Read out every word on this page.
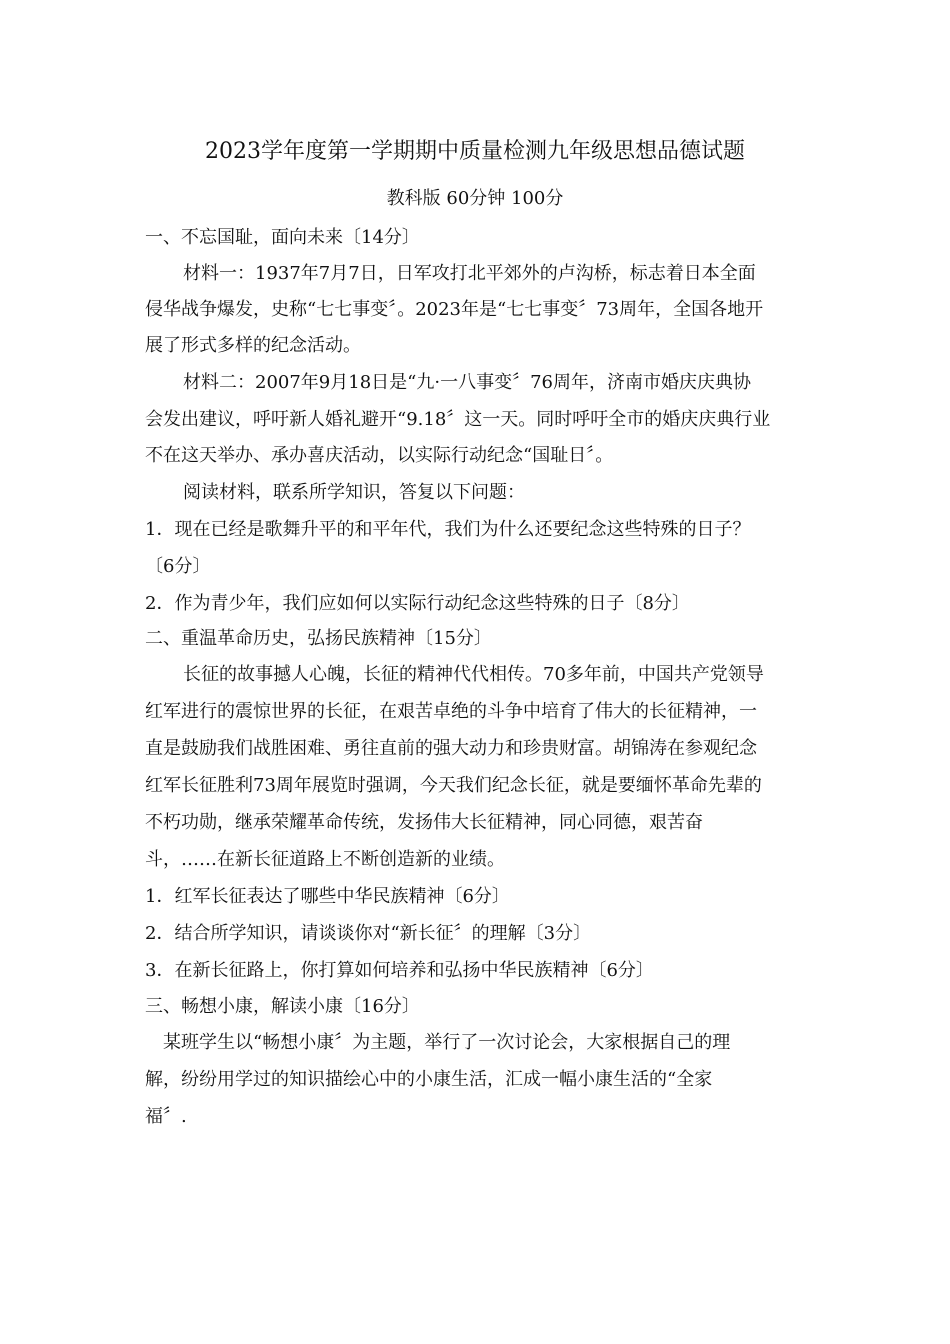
2023学年度第一学期期中质量检测九年级思想品德试题
教科版 60分钟 100分
一、不忘国耻，面向未来〔14分〕
材料一：1937年7月7日，日军攻打北平郊外的卢沟桥，标志着日本全面
侵华战争爆发，史称“七七事变〞。2023年是“七七事变〞73周年，全国各地开
展了形式多样的纪念活动。
材料二：2007年9月18日是“九·一八事变〞76周年，济南市婚庆庆典协
会发出建议，呼吁新人婚礼避开“9.18〞这一天。同时呼吁全市的婚庆庆典行业
不在这天举办、承办喜庆活动，以实际行动纪念“国耻日〞。
阅读材料，联系所学知识，答复以下问题：
1．现在已经是歌舞升平的和平年代，我们为什么还要纪念这些特殊的日子？
〔6分〕
2．作为青少年，我们应如何以实际行动纪念这些特殊的日子〔8分〕
二、重温革命历史，弘扬民族精神〔15分〕
长征的故事撼人心魄，长征的精神代代相传。70多年前，中国共产党领导
红军进行的震惊世界的长征，在艰苦卓绝的斗争中培育了伟大的长征精神，一
直是鼓励我们战胜困难、勇往直前的强大动力和珍贵财富。胡锦涛在参观纪念
红军长征胜利73周年展览时强调，今天我们纪念长征，就是要缅怀革命先辈的
不朽功勋，继承荣耀革命传统，发扬伟大长征精神，同心同德，艰苦奋
斗，……在新长征道路上不断创造新的业绩。
1．红军长征表达了哪些中华民族精神〔6分〕
2．结合所学知识，请谈谈你对“新长征〞的理解〔3分〕
3．在新长征路上，你打算如何培养和弘扬中华民族精神〔6分〕
三、畅想小康，解读小康〔16分〕
某班学生以“畅想小康〞为主题，举行了一次讨论会，大家根据自己的理
解，纷纷用学过的知识描绘心中的小康生活，汇成一幅小康生活的“全家
福〞.
